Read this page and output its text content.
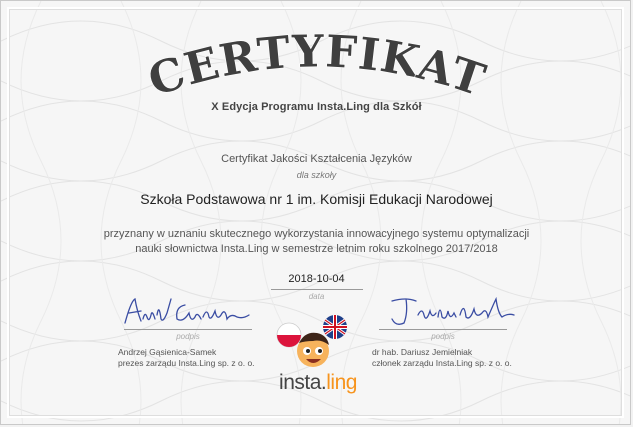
CERTYFIKAT
X Edycja Programu Insta.Ling dla Szkół
Certyfikat Jakości Kształcenia Języków
dla szkoły
Szkoła Podstawowa nr 1 im. Komisji Edukacji Narodowej
przyznany w uznaniu skutecznego wykorzystania innowacyjnego systemu optymalizacji
nauki słownictwa Insta.Ling w semestrze letnim roku szkolnego 2017/2018
2018-10-04
data
podpis
Andrzej Gąsienica-Samek
prezes zarządu Insta.Ling sp. z o. o.
podpis
dr hab. Dariusz Jemielniak
członek zarządu Insta.Ling sp. z o. o.
insta.ling
